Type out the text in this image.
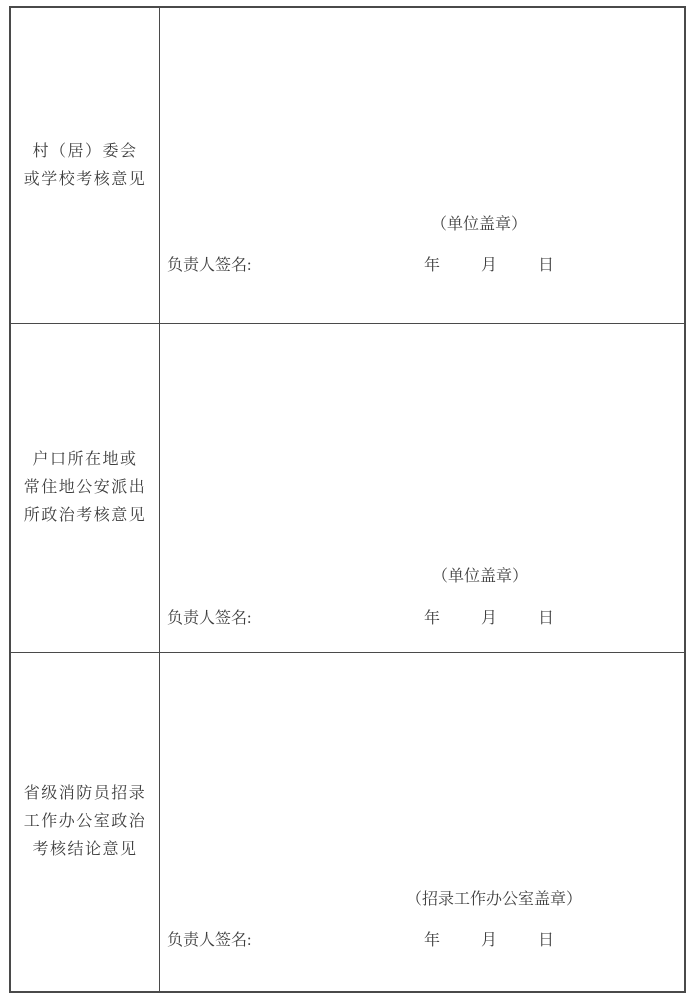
村（居）委会
或学校考核意见
（单位盖章）
负责人签名:	年	月	日
户口所在地或
常住地公安派出
所政治考核意见
（单位盖章）
负责人签名:	年	月	日
省级消防员招录
工作办公室政治
考核结论意见
（招录工作办公室盖章）
负责人签名:	年	月	日
